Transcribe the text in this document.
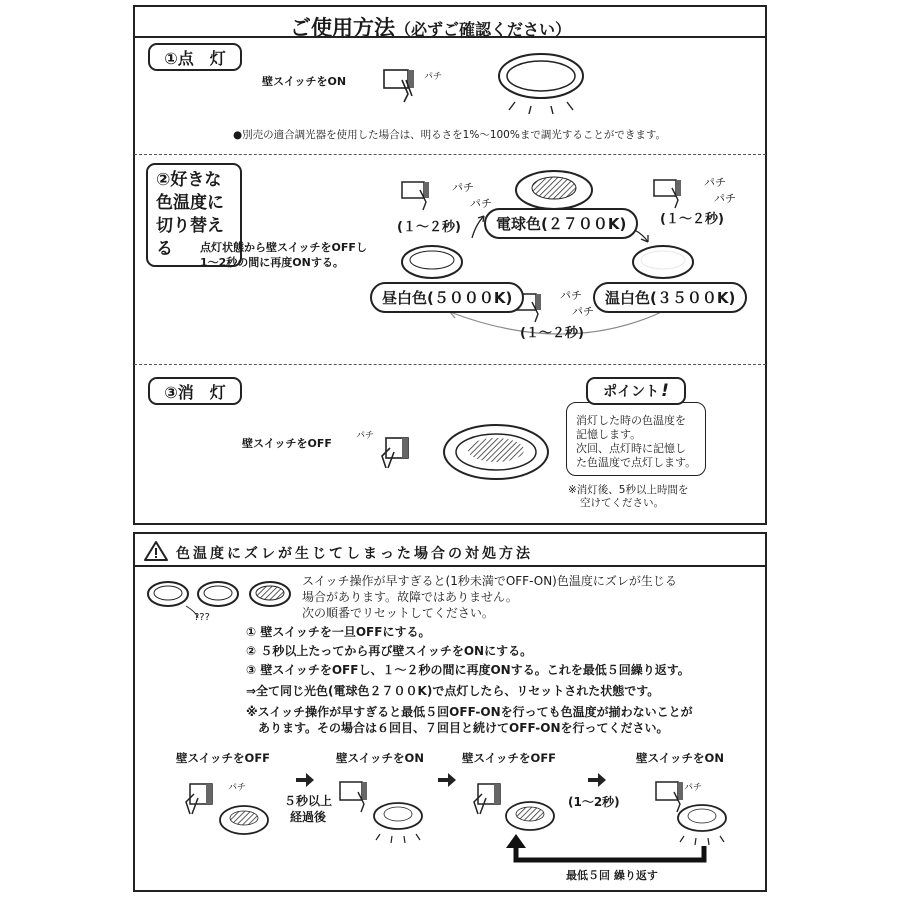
ご使用方法（必ずご確認ください）
①点　灯
壁スイッチをON	パチ
●別売の適合調光器を使用した場合は、明るさを1%～100%まで調光することができます。
②好きな
色温度に
切り替える	点灯状態から壁スイッチをOFFし
1～2秒の間に再度ONする。
パチ
パチ
パチ
パチ
パチ
パチ
(１～２秒)
(１～２秒)
(１～２秒)
電球色(２７００K)
温白色(３５００K)
昼白色(５０００K)
③消　灯
壁スイッチをOFF
パチ
ポイント !
消灯した時の色温度を
記憶します。
次回、点灯時に記憶し
た色温度で点灯します。
※消灯後、5秒以上時間を
空けてください。
色温度にズレが生じてしまった場合の対処方法
???
スイッチ操作が早すぎると(1秒未満でOFF-ON)色温度にズレが生じる
場合があります。故障ではありません。
次の順番でリセットしてください。
① 壁スイッチを一旦OFFにする。
② ５秒以上たってから再び壁スイッチをONにする。
③ 壁スイッチをOFFし、１～２秒の間に再度ONする。これを最低５回繰り返す。
⇒全て同じ光色(電球色２７００K)で点灯したら、リセットされた状態です。
※スイッチ操作が早すぎると最低５回OFF-ONを行っても色温度が揃わないことが
　あります。その場合は６回目、７回目と続けてOFF-ONを行ってください。
壁スイッチをOFF	壁スイッチをON	壁スイッチをOFF	壁スイッチをON
５秒以上
経過後
(1～2秒)
最低５回 繰り返す
パチ	パチ
